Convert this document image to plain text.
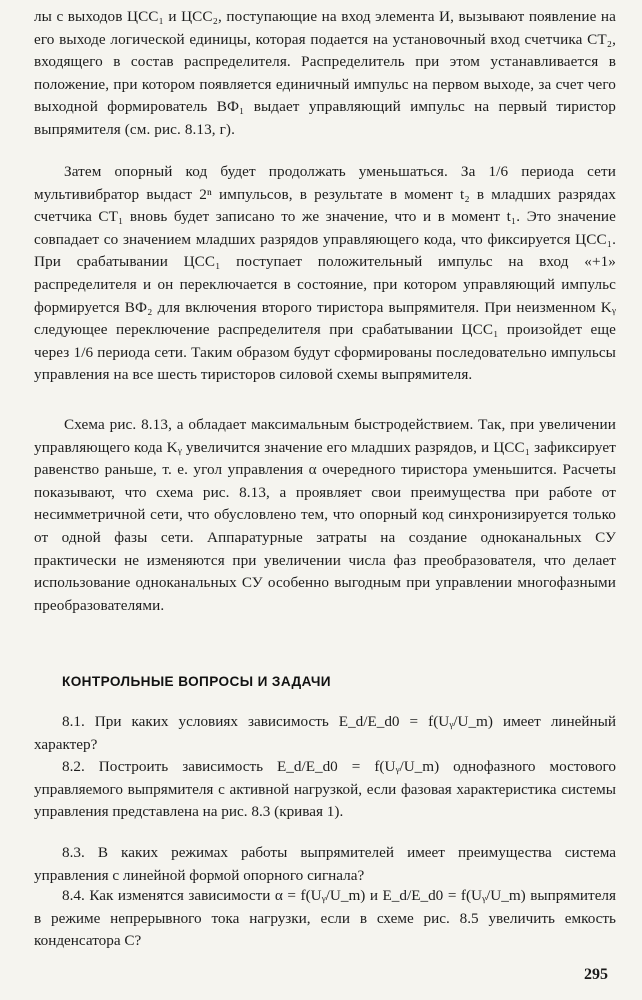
лы с выходов ЦСС₁ и ЦСС₂, поступающие на вход элемента И, вызывают появление на его выходе логической единицы, которая подается на установочный вход счетчика CT₂, входящего в состав распределителя. Распределитель при этом устанавливается в положение, при котором появляется единичный импульс на первом выходе, за счет чего выходной формирователь ВФ₁ выдает управляющий импульс на первый тиристор выпрямителя (см. рис. 8.13, г).

Затем опорный код будет продолжать уменьшаться. За 1/6 периода сети мультивибратор выдаст 2ⁿ импульсов, в результате в момент t₂ в младших разрядах счетчика CT₁ вновь будет записано то же значение, что и в момент t₁. Это значение совпадает со значением младших разрядов управляющего кода, что фиксируется ЦСС₁. При срабатывании ЦСС₁ поступает положительный импульс на вход «+1» распределителя и он переключается в состояние, при котором управляющий импульс формируется ВФ₂ для включения второго тиристора выпрямителя. При неизменном Kᵧ следующее переключение распределителя при срабатывании ЦСС₁ произойдет еще через 1/6 периода сети. Таким образом будут сформированы последовательно импульсы управления на все шесть тиристоров силовой схемы выпрямителя.

Схема рис. 8.13, а обладает максимальным быстродействием. Так, при увеличении управляющего кода Kᵧ увеличится значение его младших разрядов, и ЦСС₁ зафиксирует равенство раньше, т. е. угол управления α очередного тиристора уменьшится. Расчеты показывают, что схема рис. 8.13, а проявляет свои преимущества при работе от несимметричной сети, что обусловлено тем, что опорный код синхронизируется только от одной фазы сети. Аппаратурные затраты на создание одноканальных СУ практически не изменяются при увеличении числа фаз преобразователя, что делает использование одноканальных СУ особенно выгодным при управлении многофазными преобразователями.

КОНТРОЛЬНЫЕ ВОПРОСЫ И ЗАДАЧИ

8.1. При каких условиях зависимость E_d/E_d0 = f(Uᵧ/U_m) имеет линейный характер?

8.2. Построить зависимость E_d/E_d0 = f(Uᵧ/U_m) однофазного мостового управляемого выпрямителя с активной нагрузкой, если фазовая характеристика системы управления представлена на рис. 8.3 (кривая 1).

8.3. В каких режимах работы выпрямителей имеет преимущества система управления с линейной формой опорного сигнала?

8.4. Как изменятся зависимости α = f(Uᵧ/U_m) и E_d/E_d0 = f(Uᵧ/U_m) выпрямителя в режиме непрерывного тока нагрузки, если в схеме рис. 8.5 увеличить емкость конденсатора C?

295
